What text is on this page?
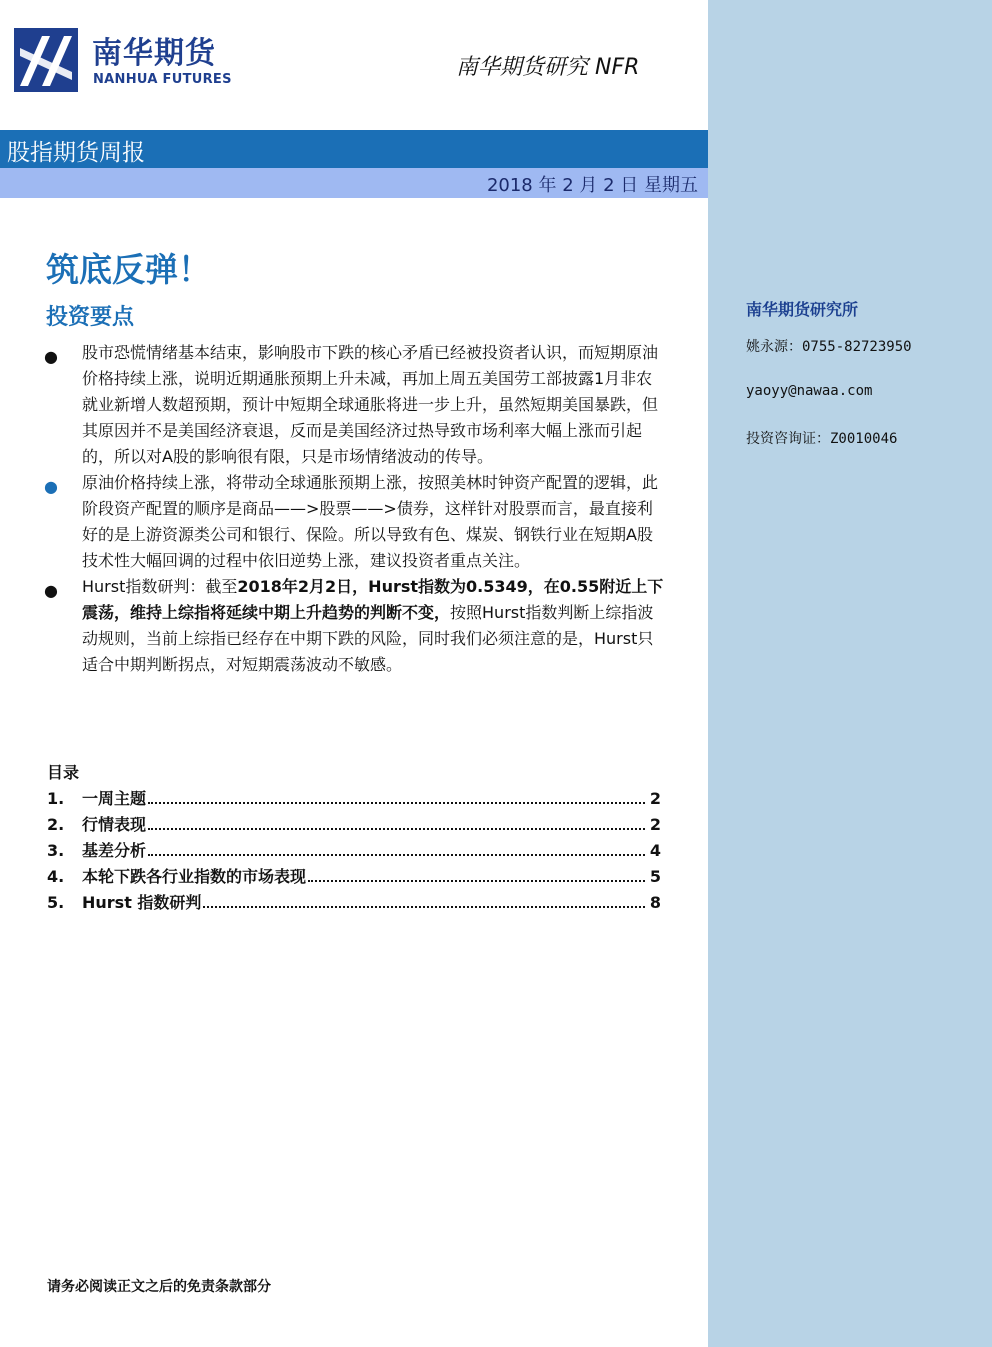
南华期货研究所
姚永源：0755-82723950
yaoyy@nawaa.com
投资咨询证：Z0010046
南华期货
NANHUA FUTURES	南华期货研究 NFR
股指期货周报
2018 年 2 月 2 日 星期五
筑底反弹！
投资要点
● 股市恐慌情绪基本结束，影响股市下跌的核心矛盾已经被投资者认识，而短期原油价格持续上涨，说明近期通胀预期上升未减，再加上周五美国劳工部披露1月非农就业新增人数超预期，预计中短期全球通胀将进一步上升，虽然短期美国暴跌，但其原因并不是美国经济衰退，反而是美国经济过热导致市场利率大幅上涨而引起的，所以对A股的影响很有限，只是市场情绪波动的传导。
● 原油价格持续上涨，将带动全球通胀预期上涨，按照美林时钟资产配置的逻辑，此阶段资产配置的顺序是商品——>股票——>债券，这样针对股票而言，最直接利好的是上游资源类公司和银行、保险。所以导致有色、煤炭、钢铁行业在短期A股技术性大幅回调的过程中依旧逆势上涨，建议投资者重点关注。
● Hurst指数研判：截至2018年2月2日，Hurst指数为0.5349，在0.55附近上下震荡，维持上综指将延续中期上升趋势的判断不变，按照Hurst指数判断上综指波动规则，当前上综指已经存在中期下跌的风险，同时我们必须注意的是，Hurst只适合中期判断拐点，对短期震荡波动不敏感。
目录
1.	一周主题	2
2.	行情表现	2
3.	基差分析	4
4.	本轮下跌各行业指数的市场表现	5
5.	Hurst 指数研判	8
请务必阅读正文之后的免责条款部分
